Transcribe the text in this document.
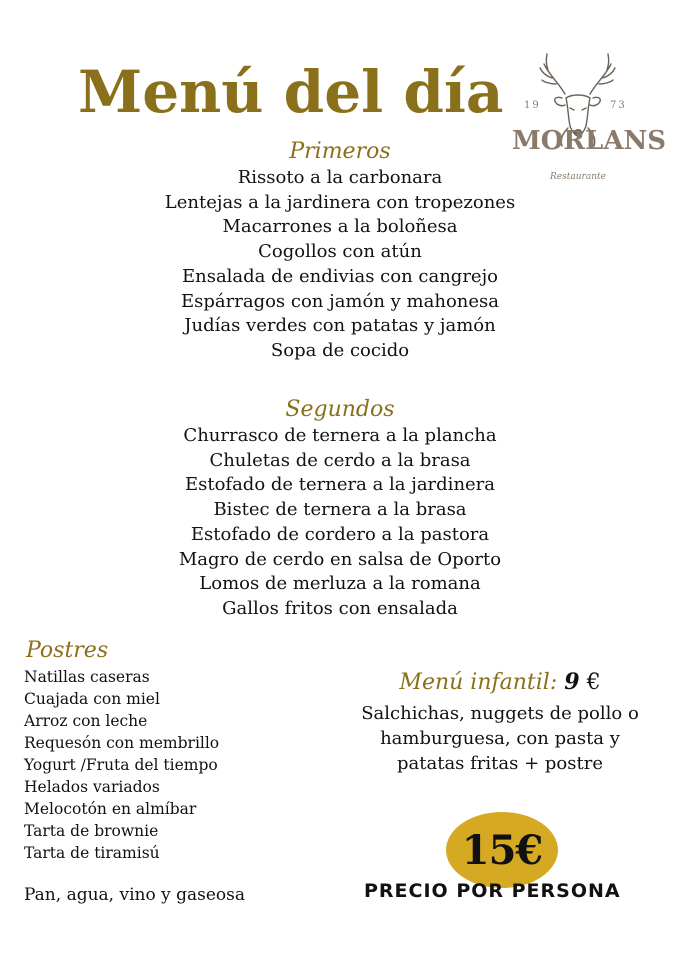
Menú del día 19	73
MORLANS
Restaurante
Primeros
Rissoto a la carbonara
Lentejas a la jardinera con tropezones
Macarrones a la boloñesa
Cogollos con atún
Ensalada de endivias con cangrejo
Espárragos con jamón y mahonesa
Judías verdes con patatas y jamón
Sopa de cocido
Segundos
Churrasco de ternera a la plancha
Chuletas de cerdo a la brasa
Estofado de ternera a la jardinera
Bistec de ternera a la brasa
Estofado de cordero a la pastora
Magro de cerdo en salsa de Oporto
Lomos de merluza a la romana
Gallos fritos con ensalada
Postres
Natillas caseras
Cuajada con miel
Arroz con leche
Requesón con membrillo
Yogurt /Fruta del tiempo
Helados variados
Melocotón en almíbar
Tarta de brownie
Tarta de tiramisú
Menú infantil: 9 €
Salchichas, nuggets de pollo o
hamburguesa, con pasta y
patatas fritas + postre
15€
PRECIO POR PERSONA
Pan, agua, vino y gaseosa
